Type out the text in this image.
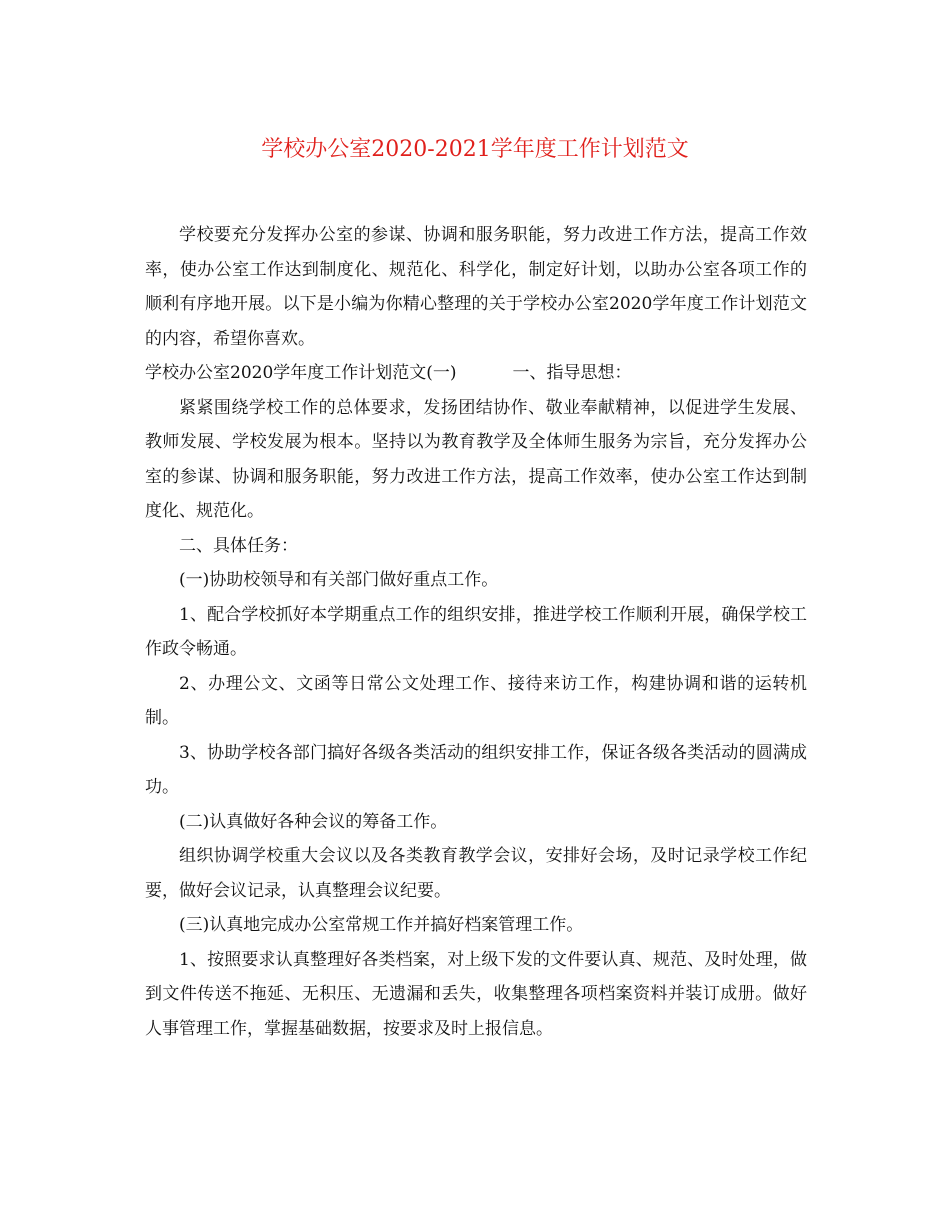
学校办公室2020-2021学年度工作计划范文

学校要充分发挥办公室的参谋、协调和服务职能，努力改进工作方法，提高工作效率，使办公室工作达到制度化、规范化、科学化，制定好计划，以助办公室各项工作的顺利有序地开展。以下是小编为你精心整理的关于学校办公室2020学年度工作计划范文的内容，希望你喜欢。

学校办公室2020学年度工作计划范文(一)	一、指导思想：

紧紧围绕学校工作的总体要求，发扬团结协作、敬业奉献精神，以促进学生发展、教师发展、学校发展为根本。坚持以为教育教学及全体师生服务为宗旨，充分发挥办公室的参谋、协调和服务职能，努力改进工作方法，提高工作效率，使办公室工作达到制度化、规范化。

二、具体任务：

(一)协助校领导和有关部门做好重点工作。

1、配合学校抓好本学期重点工作的组织安排，推进学校工作顺利开展，确保学校工作政令畅通。

2、办理公文、文函等日常公文处理工作、接待来访工作，构建协调和谐的运转机制。

3、协助学校各部门搞好各级各类活动的组织安排工作，保证各级各类活动的圆满成功。

(二)认真做好各种会议的筹备工作。

组织协调学校重大会议以及各类教育教学会议，安排好会场，及时记录学校工作纪要，做好会议记录，认真整理会议纪要。

(三)认真地完成办公室常规工作并搞好档案管理工作。

1、按照要求认真整理好各类档案，对上级下发的文件要认真、规范、及时处理，做到文件传送不拖延、无积压、无遗漏和丢失，收集整理各项档案资料并装订成册。做好人事管理工作，掌握基础数据，按要求及时上报信息。
